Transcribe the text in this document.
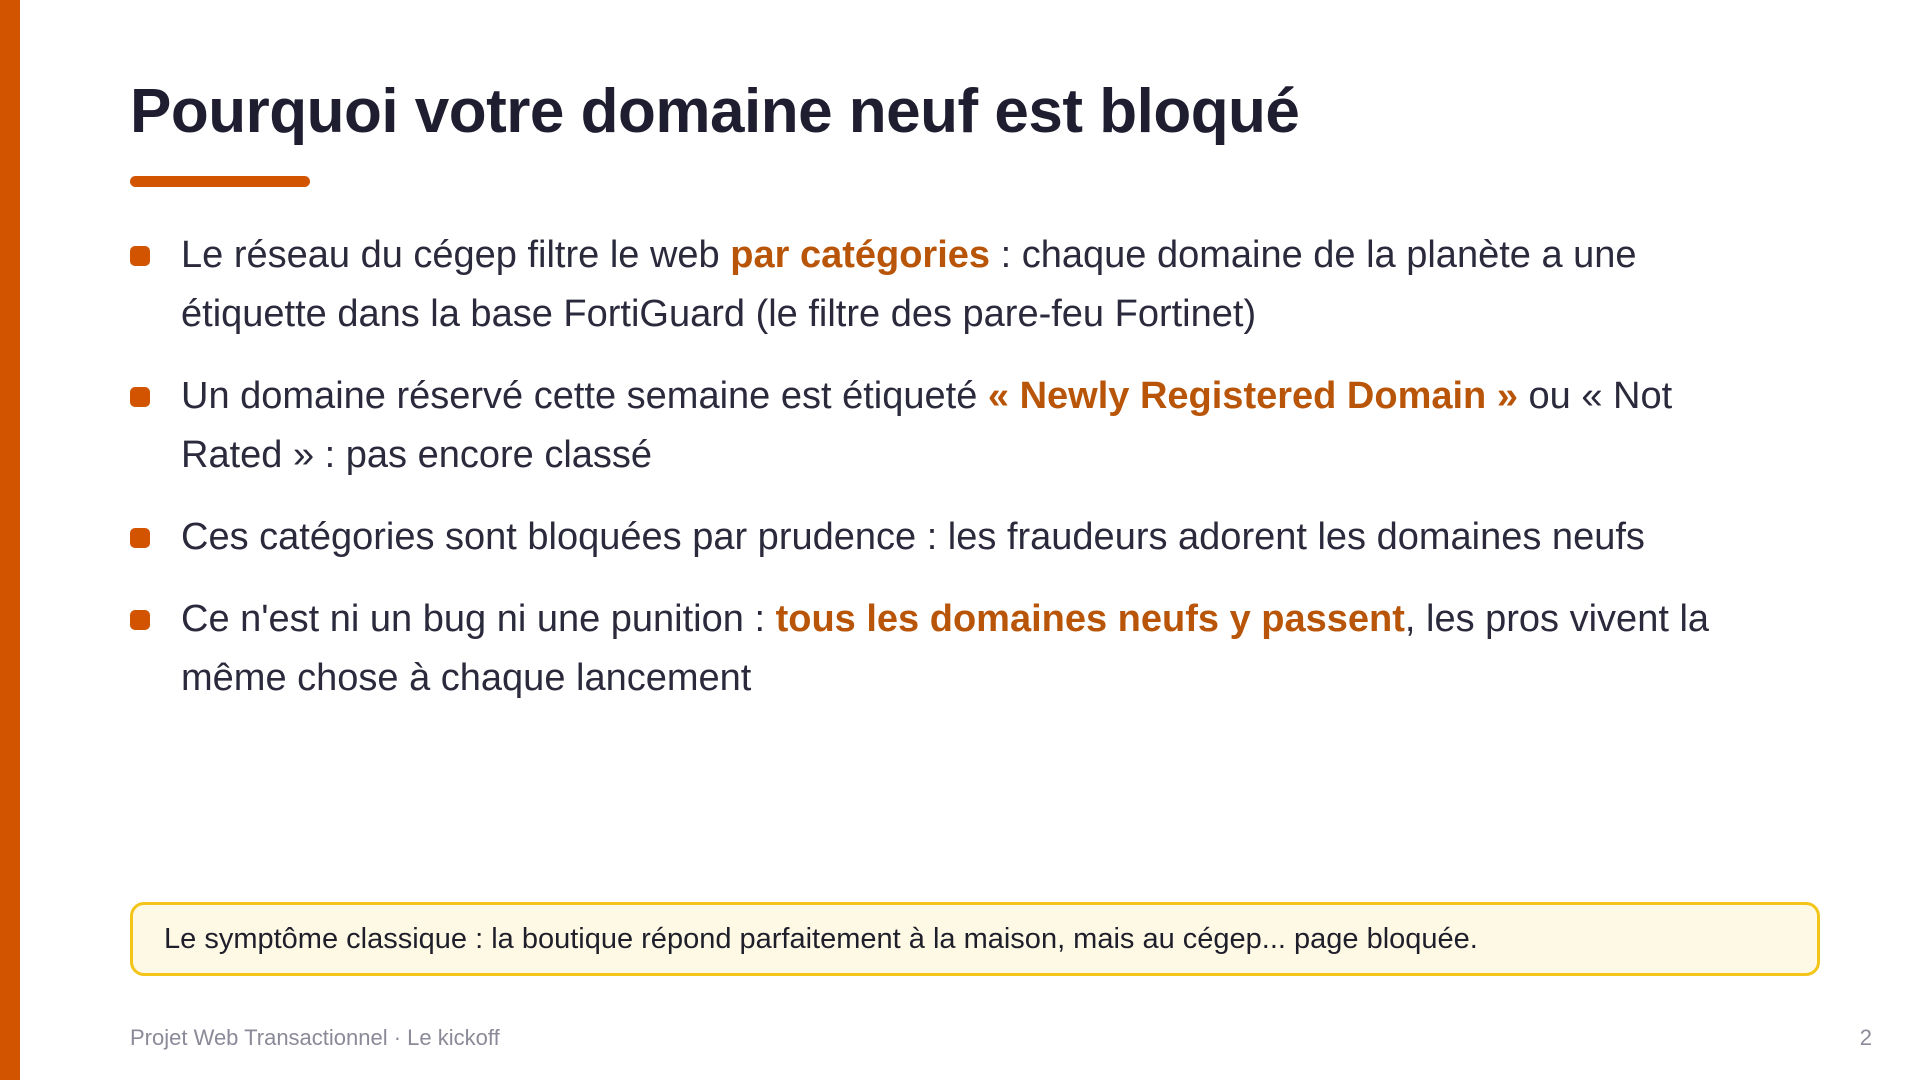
Pourquoi votre domaine neuf est bloqué
Le réseau du cégep filtre le web par catégories : chaque domaine de la planète a une étiquette dans la base FortiGuard (le filtre des pare-feu Fortinet)
Un domaine réservé cette semaine est étiqueté « Newly Registered Domain » ou « Not Rated » : pas encore classé
Ces catégories sont bloquées par prudence : les fraudeurs adorent les domaines neufs
Ce n'est ni un bug ni une punition : tous les domaines neufs y passent, les pros vivent la même chose à chaque lancement
Le symptôme classique : la boutique répond parfaitement à la maison, mais au cégep... page bloquée.
Projet Web Transactionnel · Le kickoff	2
